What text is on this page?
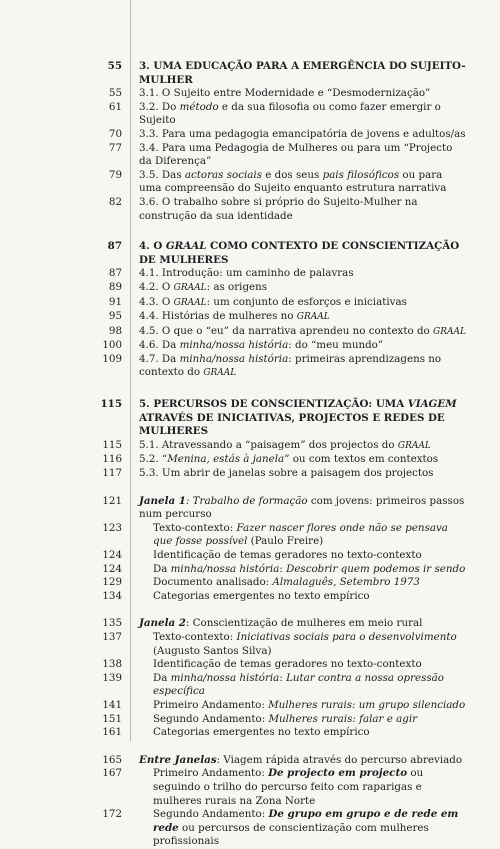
55 3. UMA EDUCAÇÃO PARA A EMERGÊNCIA DO SUJEITO-MULHER
55 3.1. O Sujeito entre Modernidade e “Desmodernização”
61 3.2. Do método e da sua filosofia ou como fazer emergir o Sujeito
70 3.3. Para uma pedagogia emancipatória de jovens e adultos/as
77 3.4. Para uma Pedagogia de Mulheres ou para um “Projecto da Diferença”
79 3.5. Das actoras sociais e dos seus pais filosóficos ou para uma compreensão do Sujeito enquanto estrutura narrativa
82 3.6. O trabalho sobre si próprio do Sujeito-Mulher na construção da sua identidade
87 4. O GRAAL COMO CONTEXTO DE CONSCIENTIZAÇÃO DE MULHERES
87 4.1. Introdução: um caminho de palavras
89 4.2. O GRAAL: as origens
91 4.3. O GRAAL: um conjunto de esforços e iniciativas
95 4.4. Histórias de mulheres no GRAAL
98 4.5. O que o “eu” da narrativa aprendeu no contexto do GRAAL
100 4.6. Da minha/nossa história: do “meu mundo”
109 4.7. Da minha/nossa história: primeiras aprendizagens no contexto do GRAAL
115 5. PERCURSOS DE CONSCIENTIZAÇÃO: UMA VIAGEM ATRAVÉS DE INICIATIVAS, PROJECTOS E REDES DE MULHERES
115 5.1. Atravessando a “paisagem” dos projectos do GRAAL
116 5.2. “Menina, estás à janela” ou com textos em contextos
117 5.3. Um abrir de janelas sobre a paisagem dos projectos
121 Janela 1: Trabalho de formação com jovens: primeiros passos num percurso
123	Texto-contexto: Fazer nascer flores onde não se pensava que fosse possível (Paulo Freire)
124	Identificação de temas geradores no texto-contexto
124	Da minha/nossa história: Descobrir quem podemos ir sendo
129	Documento analisado: Almalaguês, Setembro 1973
134	Categorias emergentes no texto empírico
135 Janela 2: Conscientização de mulheres em meio rural
137	Texto-contexto: Iniciativas sociais para o desenvolvimento (Augusto Santos Silva)
138	Identificação de temas geradores no texto-contexto
139	Da minha/nossa história: Lutar contra a nossa opressão específica
141	Primeiro Andamento: Mulheres rurais: um grupo silenciado
151	Segundo Andamento: Mulheres rurais: falar e agir
161	Categorias emergentes no texto empírico
165 Entre Janelas: Viagem rápida através do percurso abreviado
167	Primeiro Andamento: De projecto em projecto ou seguindo o trilho do percurso feito com raparigas e mulheres rurais na Zona Norte
172	Segundo Andamento: De grupo em grupo e de rede em rede ou percursos de conscientização com mulheres profissionais
